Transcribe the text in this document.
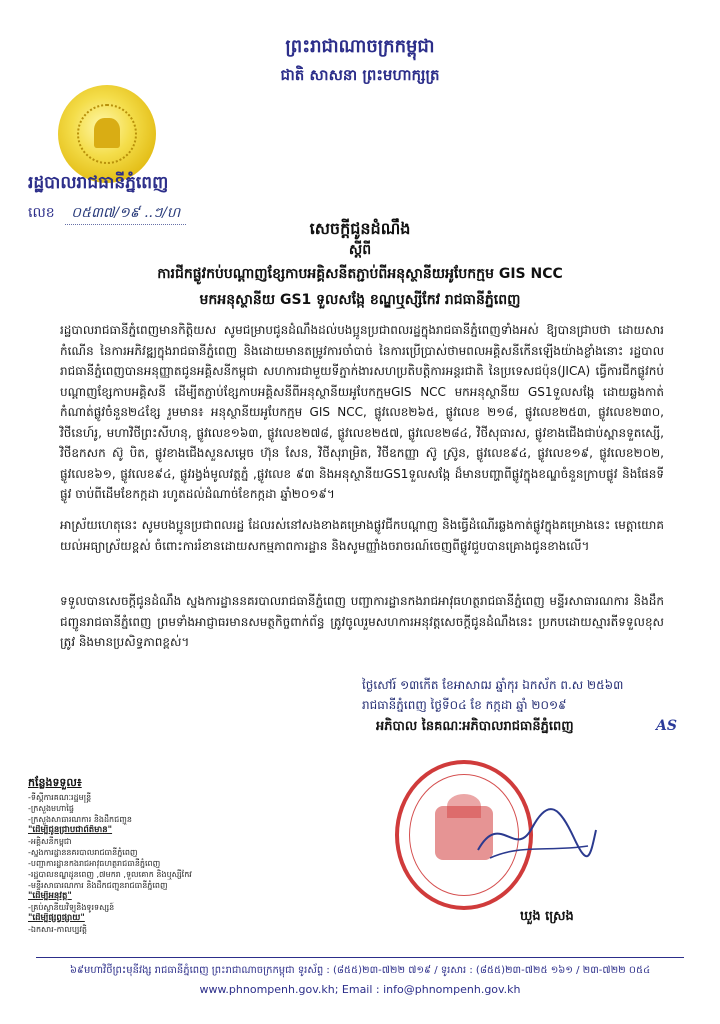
ព្រះរាជាណាចក្រកម្ពុជា
ជាតិ សាសនា ព្រះមហាក្សត្រ
រដ្ឋបាលរាជធានីភ្នំពេញ
លេខ ០៥៣៧/១៩ ..ៗ/ហ
សេចក្តីជូនដំណឹង
ស្តីពី
ការជីកផ្លូវកប់បណ្តាញខ្សែកាបអគ្គិសនីតភ្ជាប់ពីអនុស្ថានីយអូបែកក្មម GIS NCC
មកអនុស្ថានីយ GS1 ទួលសង្កែ ខណ្ឌឬស្សីកែវ រាជធានីភ្នំពេញ

រដ្ឋបាលរាជធានីភ្នំពេញមានកិត្តិយស សូមជម្រាបជូនដំណឹងដល់បងប្អូនប្រជាពលរដ្ឋក្នុងរាជធានីភ្នំពេញទាំងអស់ ឱ្យបានជ្រាបថា ដោយសារកំណើន នៃការអភិវឌ្ឍក្នុងរាជធានីភ្នំពេញ និងដោយមានតម្រូវការចាំបាច់ នៃការប្រើប្រាស់ថាមពលអគ្គិសនីកើនឡើងយ៉ាងខ្លាំងនោះ រដ្ឋបាលរាជធានីភ្នំពេញបានអនុញ្ញាតជូនអគ្គិសនីកម្ពុជា សហការជាមួយទីភ្នាក់ងារសហប្រតិបត្តិការអន្តរជាតិ នៃប្រទេសជប៉ុន(JICA) ធ្វើការជីកផ្លូវកប់បណ្តាញខ្សែកាបអគ្គិសនី ដើម្បីតភ្ជាប់ខ្សែកាបអគ្គិសនីពីអនុស្ថានីយអូបែកក្មមGIS NCC មកអនុស្ថានីយ GS1ទួលសង្កែ ដោយឆ្លងកាត់កំណាត់ផ្លូវចំនួន២៤ខ្សែ រួមមាន៖ អនុស្ថានីយអូបែកក្មម GIS NCC, ផ្លូវលេខ២៦៥, ផ្លូវលេខ ២១៨, ផ្លូវលេខ២៥៣, ផ្លូវលេខ២៣០, វិថីនេហ៍រូ, មហាវិថីព្រះសីហនុ, ផ្លូវលេខ១៦៣, ផ្លូវលេខ២៧៨, ផ្លូវលេខ២៥៧, ផ្លូវលេខ២៨៤, វិថីសុធារស, ផ្លូវខាងជើងជាប់ស្ពានទួតស្សើ, វិថីឧកសក ស៊ូ បិត, ផ្លូវខាងជើងសួនសម្តេច ហ៊ុន សែន, វិថីសុរាម្រិត, វិថីឧកញ្ញា ស៊ូ ស្រ៊ូន, ផ្លូវលេខ៩៤, ផ្លូវលេខ១៩, ផ្លូវលេខ២០២, ផ្លូវលេខ៦១, ផ្លូវលេខ៩៤, ផ្លូវរង្វង់មូលវត្តភ្នំ ,ផ្លូវលេខ ៩៣ និងអនុស្ថានីយGS1ទួលសង្កែ ដ៏មានបញ្ហាពីផ្លូវក្នុងខណ្ឌចំនួនក្រាបផ្លូវ និងផែនទីផ្លូវ ចាប់ពីដើមខែកក្កដា រហូតដល់ដំណាច់ខែកក្កដា ឆ្នាំ២០១៩។

អាស្រ័យហេតុនេះ សូមបងប្អូនប្រជាពលរដ្ឋ ដែលរស់នៅសងខាងគម្រោងផ្លូវជីកបណ្តាញ និងធ្វើដំណើរឆ្លងកាត់ផ្លូវក្នុងគម្រោងនេះ មេត្តាយោគយល់អធ្យាស្រ័យខ្ពស់ ចំពោះការរំខានដោយសកម្មភាពការដ្ឋាន និងសូមញ្ញាំងចរាចរណ៍ចេញពីផ្លូវជួបបានគ្រោងជូនខាងលើ។

ទទួលបានសេចក្តីជូនដំណឹង ស្នងការដ្ឋាននគរបាលរាជធានីភ្នំពេញ បញ្ជាការដ្ឋានកងរាជអាវុធហត្ថរាជធានីភ្នំពេញ មន្ទីរសាធារណការ និងដឹកជញ្ជូនរាជធានីភ្នំពេញ ព្រមទាំងអាជ្ញាធរមានសមត្ថកិច្ចពាក់ព័ន្ធ ត្រូវចូលរួមសហការអនុវត្តសេចក្តីជូនដំណឹងនេះ ប្រកបដោយស្មារតីទទួលខុសត្រូវ និងមានប្រសិទ្ធភាពខ្ពស់។

ថ្ងៃសៅរ៍ ១៣កើត ខែអាសាឍ ឆ្នាំកុរ ឯកស័ក ព.ស ២៥៦៣
រាជធានីភ្នំពេញ ថ្ងៃទី០៤ ខែ កក្កដា ឆ្នាំ ២០១៩
អភិបាល នៃគណៈអភិបាលរាជធានីភ្នំពេញ	AS
ឃួង ស្រេង
កន្លែងទទួល៖
-ទីស្តីការគណៈរដ្ឋមន្ត្រី
-ក្រសួងមហាផ្ទៃ
-ក្រសួងសាធារណការ និងដឹកជញ្ជូន
"ដើម្បីជូនជ្រាបជាព័ត៌មាន"
-អគ្គិសនីកម្ពុជា
-ស្នងការដ្ឋាននគរបាលរាជធានីភ្នំពេញ
-បញ្ជាការដ្ឋានកងរាជអាវុធហត្ថរាជធានីភ្នំពេញ
-រដ្ឋបាលខណ្ឌដូនពេញ ,៧មករា ,ទួលគោក និងឬស្សីកែវ
-មន្ទីរសាធារណការ និងដឹកជញ្ជូនរាជធានីភ្នំពេញ
"ដើម្បីអនុវត្ត"
-គ្រប់ស្ថានីយវិទ្យុនិងទូរទស្សន៍
"ដើម្បីផ្សព្វផ្សាយ"
-ឯកសារ-កាលប្បវត្តិ
៦៩មហាវិថីព្រះមុនីវង្ស រាជធានីភ្នំពេញ ព្រះរាជាណាចក្រកម្ពុជា ទូរស័ព្ទ : (៨៥៥)២៣-៧២២ ៧១៩ / ទូរសារ : (៨៥៥)២៣-៧២៥ ១៦១ / ២៣-៧២២ ០៥៤
www.phnompenh.gov.kh; Email : info@phnompenh.gov.kh
